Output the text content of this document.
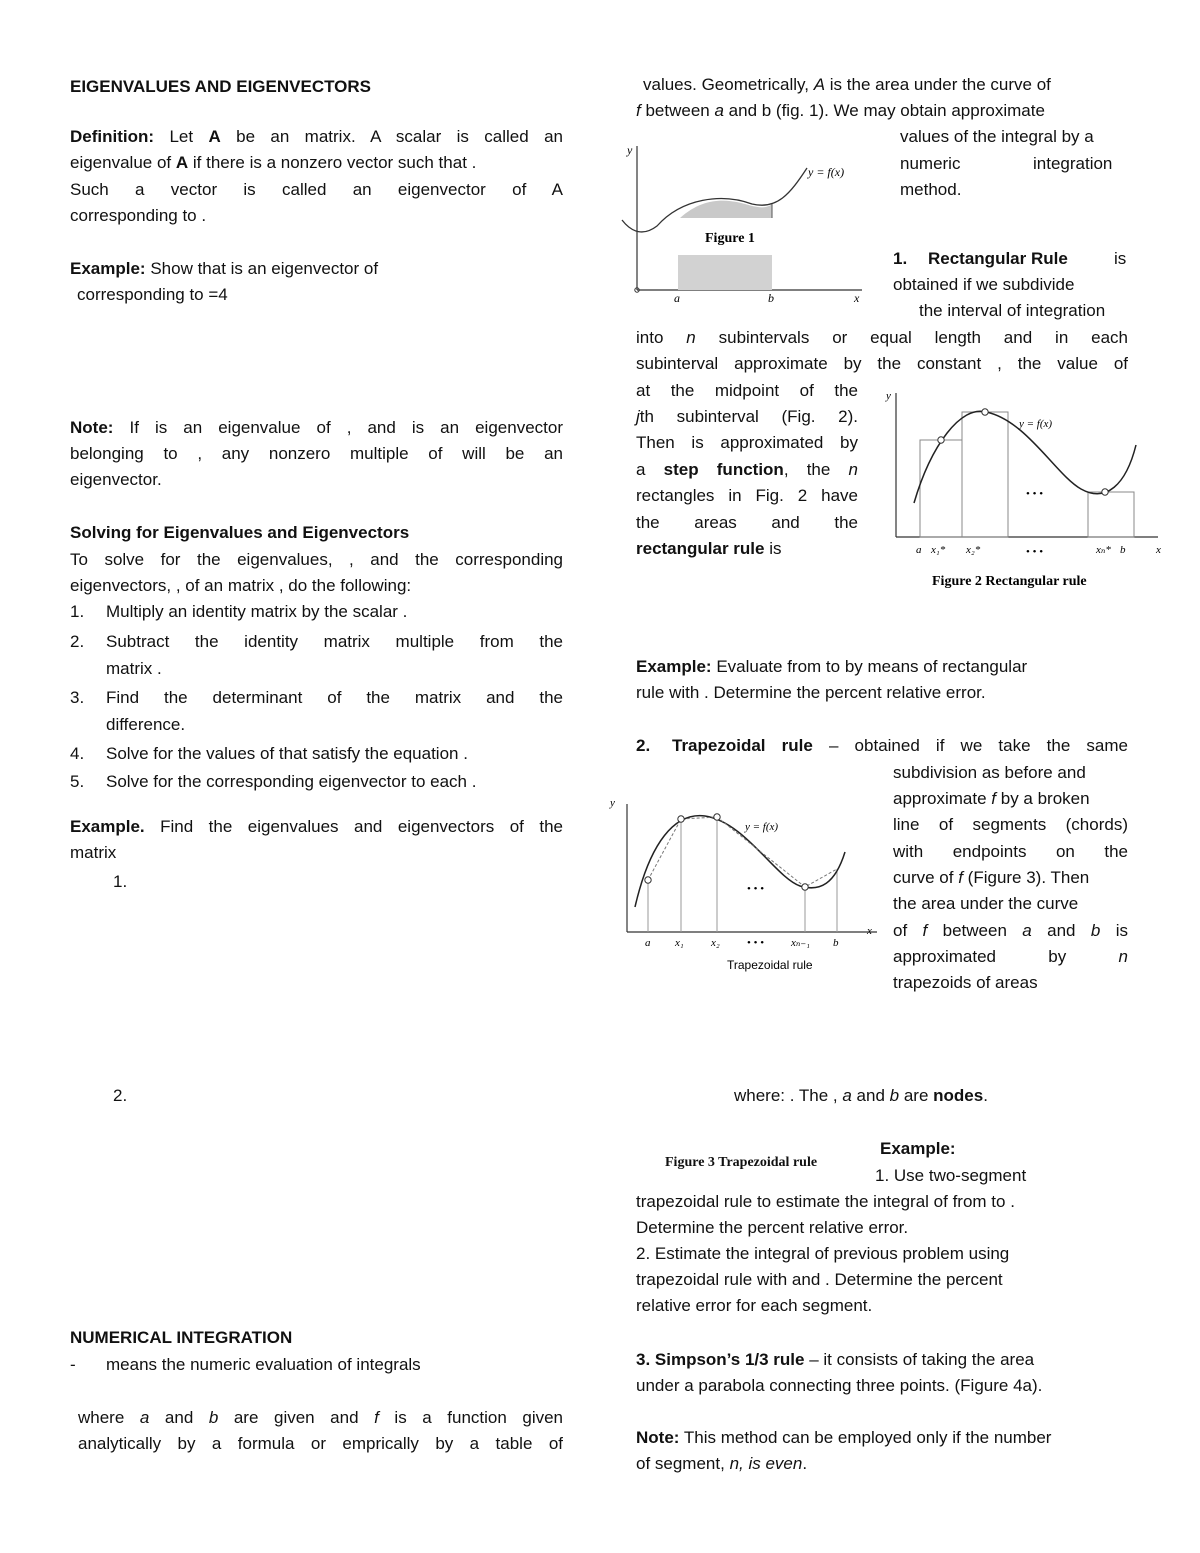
EIGENVALUES AND EIGENVECTORS
Definition: Let A be an matrix. A scalar is called an
eigenvalue of A if there is a nonzero vector such that .
Such a vector is called an eigenvector of A
corresponding to .
Example: Show that is an eigenvector of
corresponding to =4
Note: If is an eigenvalue of , and is an eigenvector
belonging to , any nonzero multiple of will be an
eigenvector.
Solving for Eigenvalues and Eigenvectors
To solve for the eigenvalues, , and the corresponding
eigenvectors, , of an matrix , do the following:
1. Multiply an identity matrix by the scalar .
2. Subtract the identity matrix multiple from the
matrix .
3. Find the determinant of the matrix and the
difference.
4. Solve for the values of that satisfy the equation .
5. Solve for the corresponding eigenvector to each .
Example. Find the eigenvalues and eigenvectors of the
matrix
1.
2.
NUMERICAL INTEGRATION
- means the numeric evaluation of integrals
where a and b are given and f is a function given
analytically by a formula or emprically by a table of
values. Geometrically, A is the area under the curve of
f between a and b (fig. 1). We may obtain approximate
values of the integral by a
numeric	integration
method.
1. Rectangular Rule	is
obtained if we subdivide
the interval of integration
into n subintervals or equal length and in each
subinterval approximate by the constant , the value of
at the midpoint of the
jth subinterval (Fig. 2).
Then is approximated by
a step function, the n
rectangles in Fig. 2 have
the areas and the
rectangular rule is
Example: Evaluate from to by means of rectangular
rule with . Determine the percent relative error.
2. Trapezoidal rule – obtained if we take the same
subdivision as before and
approximate f by a broken
line of segments (chords)
with endpoints on the
curve of f (Figure 3). Then
the area under the curve
of f between a and b is
approximated by n
trapezoids of areas
where: . The , a and b are nodes.
Figure 3 Trapezoidal rule
Example:
1. Use two-segment
trapezoidal rule to estimate the integral of from to .
Determine the percent relative error.
2. Estimate the integral of previous problem using
trapezoidal rule with and . Determine the percent
relative error for each segment.
3. Simpson’s 1/3 rule – it consists of taking the area
under a parabola connecting three points. (Figure 4a).
Note: This method can be employed only if the number
of segment, n, is even.
y
x
y = f(x)
a	b
Figure 1
y
x
y = f(x)
• • •
• • •
a x₁* x₂*	xₙ* b
Figure 2 Rectangular rule
y
x
y = f(x)
• • •
a x₁ x₂ • • • xₙ₋₁ b
Trapezoidal rule
